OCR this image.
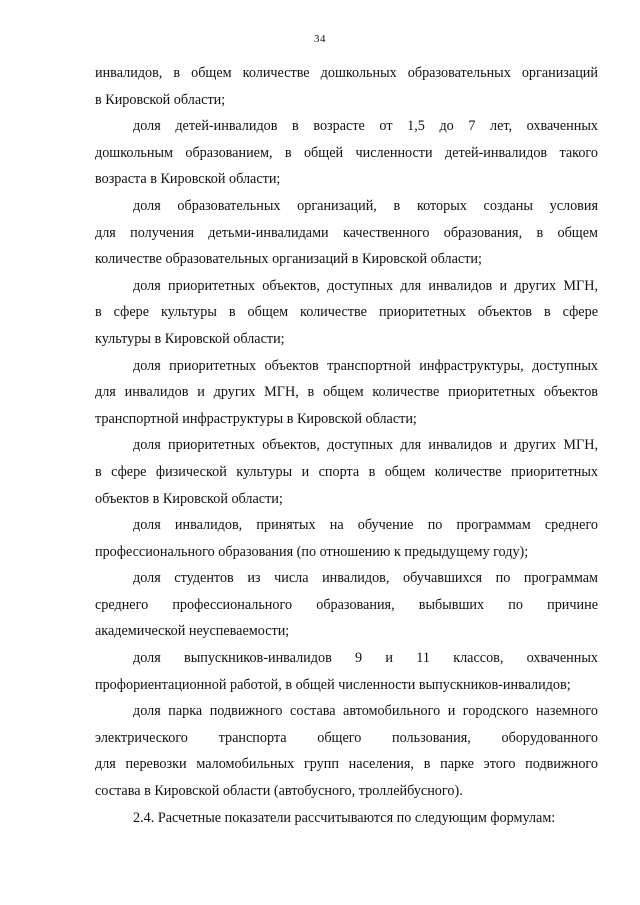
34
инвалидов, в общем количестве дошкольных образовательных организаций
в Кировской области;
доля детей-инвалидов в возрасте от 1,5 до 7 лет, охваченных
дошкольным образованием, в общей численности детей-инвалидов такого
возраста в Кировской области;
доля образовательных организаций, в которых созданы условия
для получения детьми-инвалидами качественного образования, в общем
количестве образовательных организаций в Кировской области;
доля приоритетных объектов, доступных для инвалидов и других МГН,
в сфере культуры в общем количестве приоритетных объектов в сфере
культуры в Кировской области;
доля приоритетных объектов транспортной инфраструктуры, доступных
для инвалидов и других МГН, в общем количестве приоритетных объектов
транспортной инфраструктуры в Кировской области;
доля приоритетных объектов, доступных для инвалидов и других МГН,
в сфере физической культуры и спорта в общем количестве приоритетных
объектов в Кировской области;
доля инвалидов, принятых на обучение по программам среднего
профессионального образования (по отношению к предыдущему году);
доля студентов из числа инвалидов, обучавшихся по программам
среднего профессионального образования, выбывших по причине
академической неуспеваемости;
доля выпускников-инвалидов 9 и 11 классов, охваченных
профориентационной работой, в общей численности выпускников-инвалидов;
доля парка подвижного состава автомобильного и городского наземного
электрического транспорта общего пользования, оборудованного
для перевозки маломобильных групп населения, в парке этого подвижного
состава в Кировской области (автобусного, троллейбусного).
2.4. Расчетные показатели рассчитываются по следующим формулам:
